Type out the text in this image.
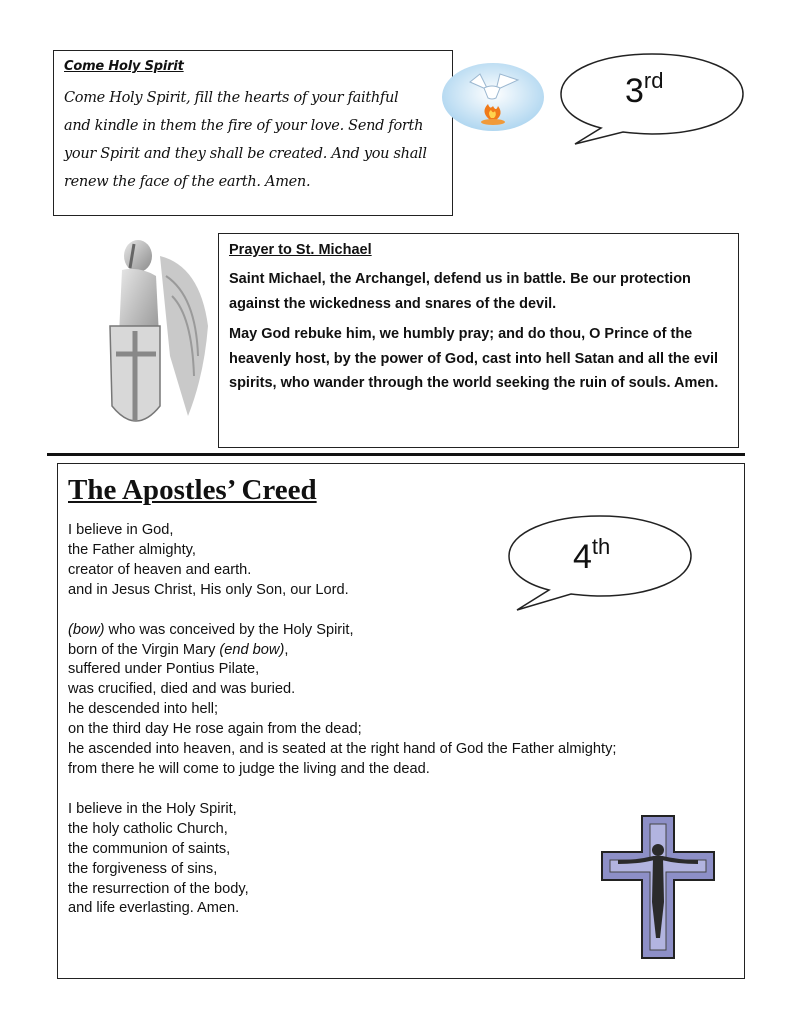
Come Holy Spirit

Come Holy Spirit, fill the hearts of your faithful
and kindle in them the fire of your love. Send forth
your Spirit and they shall be created. And you shall
renew the face of the earth. Amen.

3rd

Prayer to St. Michael

Saint Michael, the Archangel, defend us in battle. Be our protection against the wickedness and snares of the devil.

May God rebuke him, we humbly pray; and do thou, O Prince of the heavenly host, by the power of God, cast into hell Satan and all the evil spirits, who wander through the world seeking the ruin of souls. Amen.

The Apostles’ Creed

I believe in God,

the Father almighty,

creator of heaven and earth.

and in Jesus Christ, His only Son, our Lord.

(bow) who was conceived by the Holy Spirit,

born of the Virgin Mary (end bow),

suffered under Pontius Pilate,

was crucified, died and was buried.

he descended into hell;

on the third day He rose again from the dead;

he ascended into heaven, and is seated at the right hand of God the Father almighty;

from there he will come to judge the living and the dead.

I believe in the Holy Spirit,

the holy catholic Church,

the communion of saints,

the forgiveness of sins,

the resurrection of the body,

and life everlasting. Amen.

4th
